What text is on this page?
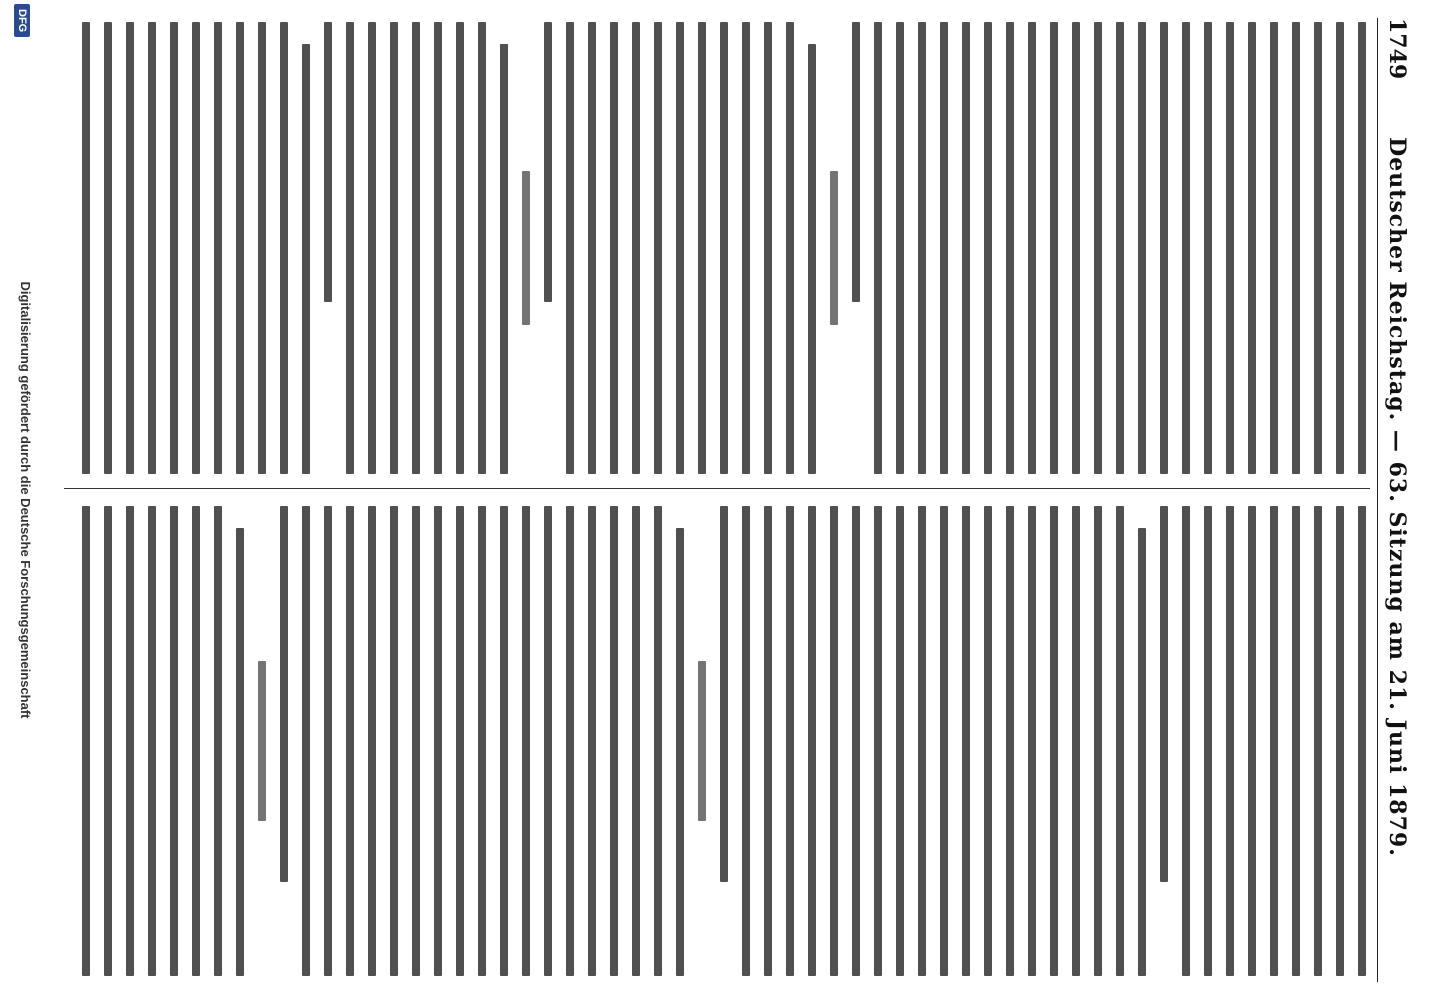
1749
Deutscher Reichstag. — 63. Sitzung am 21. Juni 1879.
DFG
Digitalisierung gefördert durch die Deutsche Forschungsgemeinschaft
